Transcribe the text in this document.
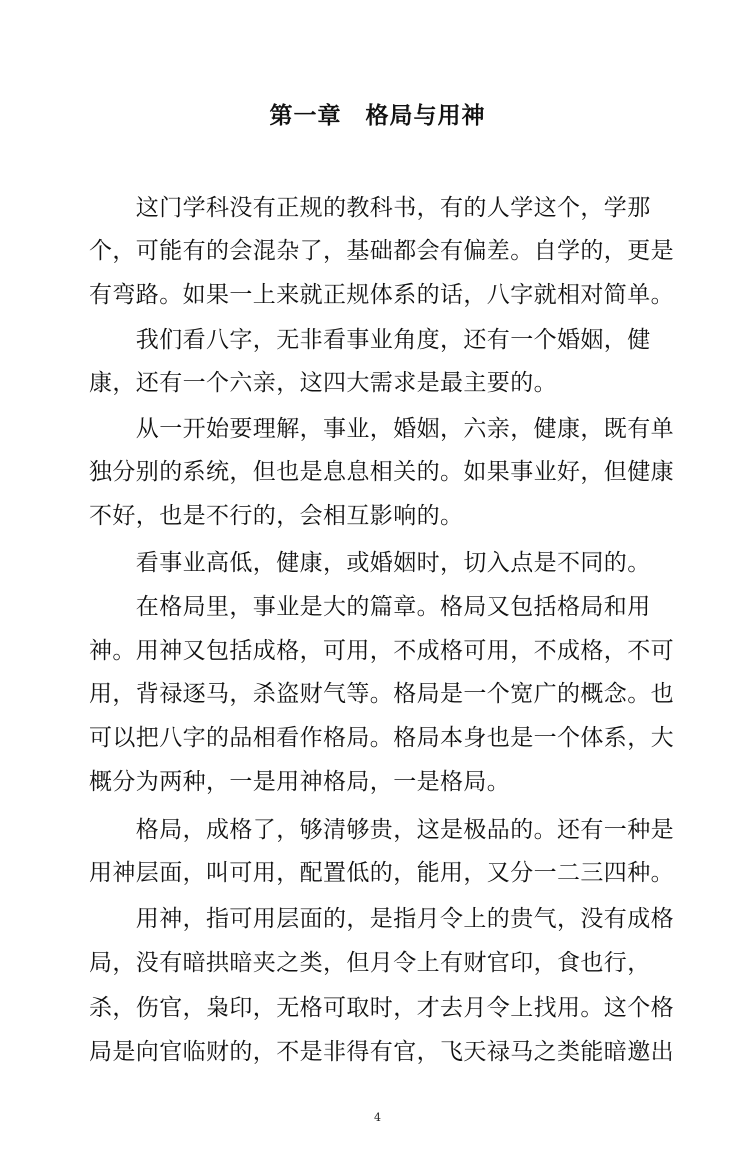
第一章　格局与用神
　　这门学科没有正规的教科书，有的人学这个，学那
个，可能有的会混杂了，基础都会有偏差。自学的，更是
有弯路。如果一上来就正规体系的话，八字就相对简单。
　　我们看八字，无非看事业角度，还有一个婚姻，健
康，还有一个六亲，这四大需求是最主要的。
　　从一开始要理解，事业，婚姻，六亲，健康，既有单
独分别的系统，但也是息息相关的。如果事业好，但健康
不好，也是不行的，会相互影响的。
　　看事业高低，健康，或婚姻时，切入点是不同的。
　　在格局里，事业是大的篇章。格局又包括格局和用
神。用神又包括成格，可用，不成格可用，不成格，不可
用，背禄逐马，杀盗财气等。格局是一个宽广的概念。也
可以把八字的品相看作格局。格局本身也是一个体系，大
概分为两种，一是用神格局，一是格局。
　　格局，成格了，够清够贵，这是极品的。还有一种是
用神层面，叫可用，配置低的，能用，又分一二三四种。
　　用神，指可用层面的，是指月令上的贵气，没有成格
局，没有暗拱暗夹之类，但月令上有财官印，食也行，
杀，伤官，枭印，无格可取时，才去月令上找用。这个格
局是向官临财的，不是非得有官，飞天禄马之类能暗邀出
4
